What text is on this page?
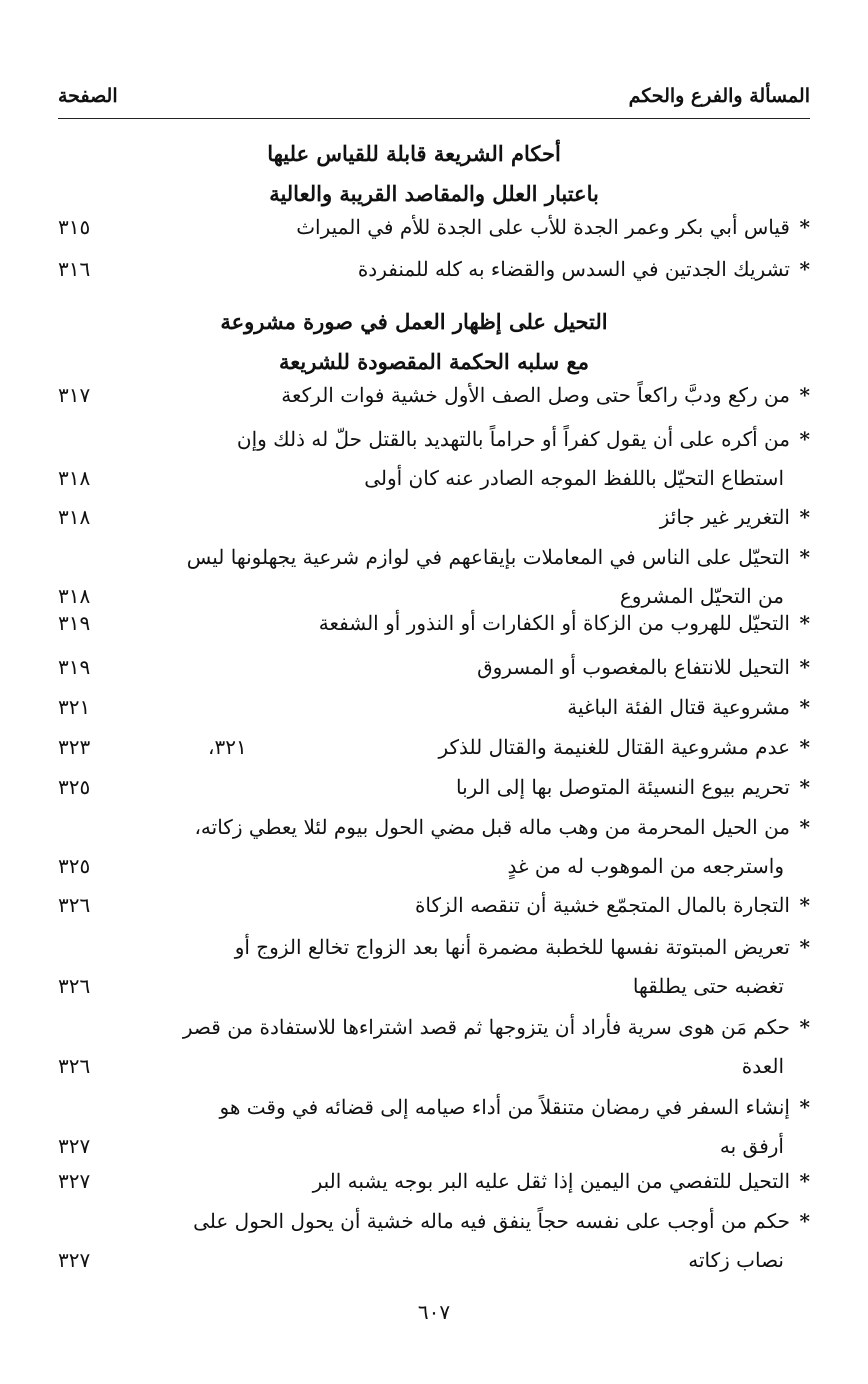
المسألة والفرع والحكم
الصفحة
أحكام الشريعة قابلة للقياس عليها
باعتبار العلل والمقاصد القريبة والعالية
التحيل على إظهار العمل في صورة مشروعة
مع سلبه الحكمة المقصودة للشريعة
*قياس أبي بكر وعمر الجدة للأب على الجدة للأم في الميراث
٣١٥
*تشريك الجدتين في السدس والقضاء به كله للمنفردة
٣١٦
*من ركع ودبَّ راكعاً حتى وصل الصف الأول خشية فوات الركعة
٣١٧
*من أكره على أن يقول كفراً أو حراماً بالتهديد بالقتل حلّ له ذلك وإن
استطاع التحيّل باللفظ الموجه الصادر عنه كان أولى
٣١٨
*التغرير غير جائز
٣١٨
*التحيّل على الناس في المعاملات بإيقاعهم في لوازم شرعية يجهلونها ليس
من التحيّل المشروع
٣١٨
*التحيّل للهروب من الزكاة أو الكفارات أو النذور أو الشفعة
٣١٩
*التحيل للانتفاع بالمغصوب أو المسروق
٣١٩
*مشروعية قتال الفئة الباغية
٣٢١
*عدم مشروعية القتال للغنيمة والقتال للذكر
٣٢٣	٣٢١،
*تحريم بيوع النسيئة المتوصل بها إلى الربا
٣٢٥
*من الحيل المحرمة من وهب ماله قبل مضي الحول بيوم لئلا يعطي زكاته،
واسترجعه من الموهوب له من غدٍ
٣٢٥
*التجارة بالمال المتجمّع خشية أن تنقصه الزكاة
٣٢٦
*تعريض المبتوتة نفسها للخطبة مضمرة أنها بعد الزواج تخالع الزوج أو
تغضبه حتى يطلقها
٣٢٦
*حكم مَن هوى سرية فأراد أن يتزوجها ثم قصد اشتراءها للاستفادة من قصر
العدة
٣٢٦
*إنشاء السفر في رمضان متنقلاً من أداء صيامه إلى قضائه في وقت هو
أرفق به
٣٢٧
*التحيل للتفصي من اليمين إذا ثقل عليه البر بوجه يشبه البر
٣٢٧
*حكم من أوجب على نفسه حجاً ينفق فيه ماله خشية أن يحول الحول على
نصاب زكاته
٣٢٧
٦٠٧
